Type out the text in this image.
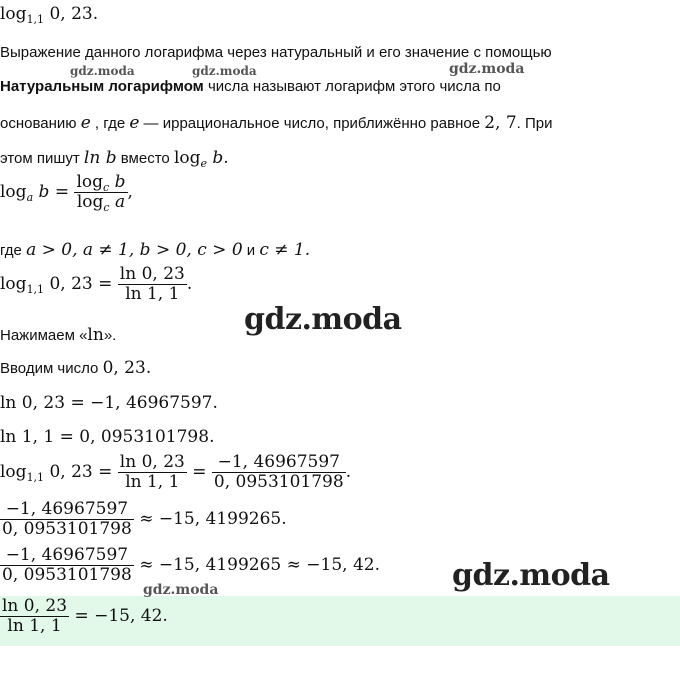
$\log_{1,1} 0$, 23.
Выражение данного логарифма через натуральный и его значение с помощью
Натуральным логарифмом числа называют логарифм этого числа по
основанию e , где e — иррациональное число, приближённо равное 2, 7. При
этом пишут ln b вместо $\log_e b$.
$\log_a b = \frac{\log_c b}{\log_c a}$ ,
где a > 0, a ≠ 1, b > 0, c > 0 и c ≠ 1.
$\log_{1,1} 0$, $23 = \frac{\ln 0, 23}{\ln 1, 1}$ .
Нажимаем «ln».
Вводим число 0, 23.
ln 0, 23 = −1, 46967597.
ln 1, 1 = 0, 0953101798.
$\log_{1,1} 0$, $23 = \frac{\ln 0, 23}{\ln 1, 1} = \frac{-1, 46967597}{0, 0953101798}$ .
$\frac{-1, 46967597}{0, 0953101798} \approx -15$, 4199265.
$\frac{-1, 46967597}{0, 0953101798} \approx -15$, 4199265 ≈ −15, 42.
$\frac{\ln 0, 23}{\ln 1, 1} = -15$, 42.
gdz.moda	gdz.moda	gdz.moda
gdz.moda
gdz.moda
gdz.moda
